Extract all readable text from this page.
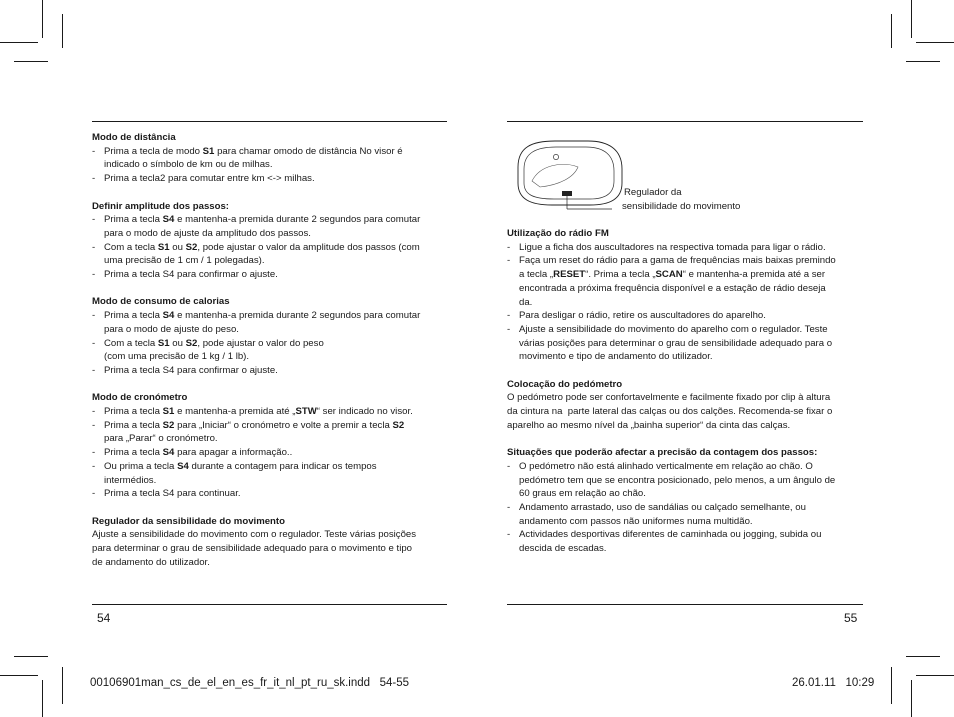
Modo de distância
- Prima a tecla de modo S1 para chamar omodo de distância No visor é
indicado o símbolo de km ou de milhas.
- Prima a tecla2 para comutar entre km <-> milhas.
Definir amplitude dos passos:
- Prima a tecla S4 e mantenha-a premida durante 2 segundos para comutar
para o modo de ajuste da amplitudo dos passos.
- Com a tecla S1 ou S2, pode ajustar o valor da amplitude dos passos (com
uma precisão de 1 cm / 1 polegadas).
- Prima a tecla S4 para confirmar o ajuste.
Modo de consumo de calorias
- Prima a tecla S4 e mantenha-a premida durante 2 segundos para comutar
para o modo de ajuste do peso.
- Com a tecla S1 ou S2, pode ajustar o valor do peso
(com uma precisão de 1 kg / 1 lb).
- Prima a tecla S4 para confirmar o ajuste.
Modo de cronómetro
- Prima a tecla S1 e mantenha-a premida até „STW“ ser indicado no visor.
- Prima a tecla S2 para „Iniciar“ o cronómetro e volte a premir a tecla S2
para „Parar“ o cronómetro.
- Prima a tecla S4 para apagar a informação..
- Ou prima a tecla S4 durante a contagem para indicar os tempos
intermédios.
- Prima a tecla S4 para continuar.
Regulador da sensibilidade do movimento
Ajuste a sensibilidade do movimento com o regulador. Teste várias posições
para determinar o grau de sensibilidade adequado para o movimento e tipo
de andamento do utilizador.
Regulador da
sensibilidade do movimento
Utilização do rádio FM
- Ligue a ficha dos auscultadores na respectiva tomada para ligar o rádio.
- Faça um reset do rádio para a gama de frequências mais baixas premindo
a tecla „RESET“. Prima a tecla „SCAN“ e mantenha-a premida até a ser
encontrada a próxima frequência disponível e a estação de rádio deseja
da.
- Para desligar o rádio, retire os auscultadores do aparelho.
- Ajuste a sensibilidade do movimento do aparelho com o regulador. Teste
várias posições para determinar o grau de sensibilidade adequado para o
movimento e tipo de andamento do utilizador.
Colocação do pedómetro
O pedómetro pode ser confortavelmente e facilmente fixado por clip à altura
da cintura na  parte lateral das calças ou dos calções. Recomenda-se fixar o
aparelho ao mesmo nível da „bainha superior“ da cinta das calças.
Situações que poderão afectar a precisão da contagem dos passos:
- O pedómetro não está alinhado verticalmente em relação ao chão. O
pedómetro tem que se encontra posicionado, pelo menos, a um ângulo de
60 graus em relação ao chão.
- Andamento arrastado, uso de sandálias ou calçado semelhante, ou
andamento com passos não uniformes numa multidão.
- Actividades desportivas diferentes de caminhada ou jogging, subida ou
descida de escadas.
54	55
00106901man_cs_de_el_en_es_fr_it_nl_pt_ru_sk.indd   54-55	26.01.11   10:29
